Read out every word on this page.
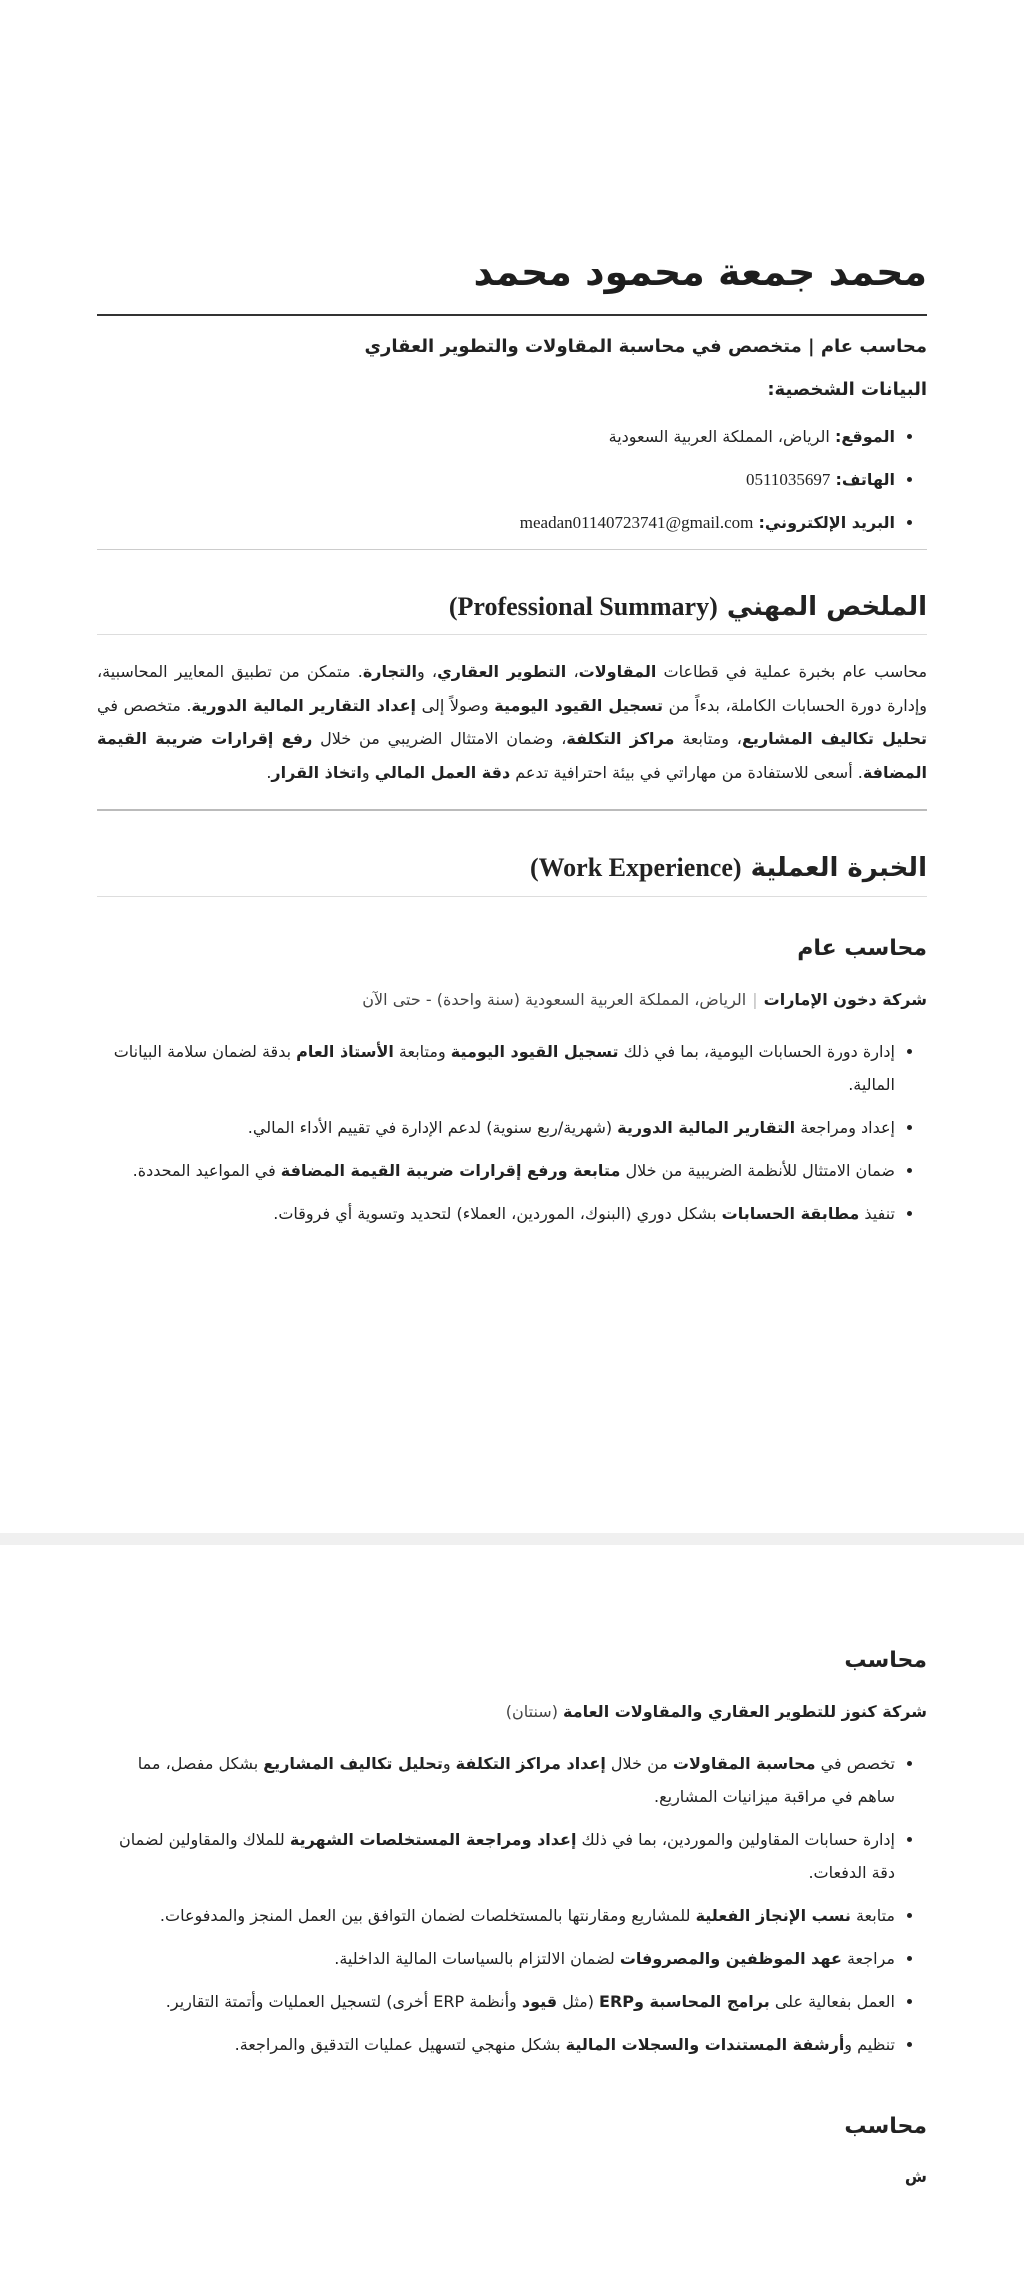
محمد جمعة محمود محمد

محاسب عام | متخصص في محاسبة المقاولات والتطوير العقاري

البيانات الشخصية:

• الموقع: الرياض، المملكة العربية السعودية
• الهاتف: 0511035697
• البريد الإلكتروني: meadan01140723741@gmail.com
الملخص المهني (Professional Summary)

محاسب عام بخبرة عملية في قطاعات المقاولات، التطوير العقاري، والتجارة. متمكن من تطبيق المعايير المحاسبية، وإدارة دورة الحسابات الكاملة، بدءاً من تسجيل القيود اليومية وصولاً إلى إعداد التقارير المالية الدورية. متخصص في تحليل تكاليف المشاريع، ومتابعة مراكز التكلفة، وضمان الامتثال الضريبي من خلال رفع إقرارات ضريبة القيمة المضافة. أسعى للاستفادة من مهاراتي في بيئة احترافية تدعم دقة العمل المالي واتخاذ القرار.

الخبرة العملية (Work Experience)
محاسب عام
شركة دخون الإمارات|الرياض، المملكة العربية السعودية (سنة واحدة) - حتى الآن
• إدارة دورة الحسابات اليومية، بما في ذلك تسجيل القيود اليومية ومتابعة الأستاذ العام بدقة لضمان سلامة البيانات المالية.
• إعداد ومراجعة التقارير المالية الدورية (شهرية/ربع سنوية) لدعم الإدارة في تقييم الأداء المالي.
• ضمان الامتثال للأنظمة الضريبية من خلال متابعة ورفع إقرارات ضريبة القيمة المضافة في المواعيد المحددة.
• تنفيذ مطابقة الحسابات بشكل دوري (البنوك، الموردين، العملاء) لتحديد وتسوية أي فروقات.
محاسب
شركة كنوز للتطوير العقاري والمقاولات العامة (سنتان)
• تخصص في محاسبة المقاولات من خلال إعداد مراكز التكلفة وتحليل تكاليف المشاريع بشكل مفصل، مما ساهم في مراقبة ميزانيات المشاريع.
• إدارة حسابات المقاولين والموردين، بما في ذلك إعداد ومراجعة المستخلصات الشهرية للملاك والمقاولين لضمان دقة الدفعات.
• متابعة نسب الإنجاز الفعلية للمشاريع ومقارنتها بالمستخلصات لضمان التوافق بين العمل المنجز والمدفوعات.
• مراجعة عهد الموظفين والمصروفات لضمان الالتزام بالسياسات المالية الداخلية.
• العمل بفعالية على برامج المحاسبة وERP (مثل قيود وأنظمة ERP أخرى) لتسجيل العمليات وأتمتة التقارير.
• تنظيم وأرشفة المستندات والسجلات المالية بشكل منهجي لتسهيل عمليات التدقيق والمراجعة.
محاسب
ش
